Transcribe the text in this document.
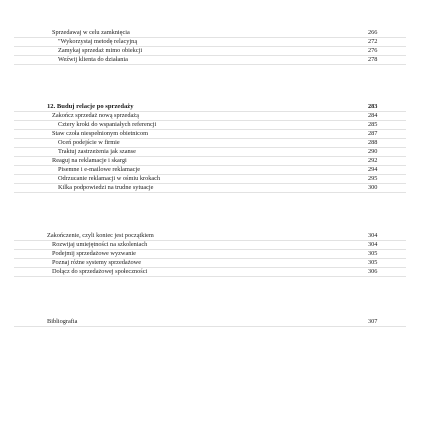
Sprzedawaj w celu zamknięcia	266
"Wykorzystaj metodę relacyjną	272
Zamykaj sprzedaż mimo obiekcji	276
Weźwij klienta do działania	278
12. Buduj relacje po sprzedaży	283
Zakończ sprzedaż nową sprzedażą	284
Cztery kroki do wspaniałych referencji	285
Staw czoła niespełnionym obietnicom	287
Oceń podejście w firmie	288
Traktuj zastrzeżenia jak szanse	290
Reaguj na reklamacje i skargi	292
Pisemne i e-mailowe reklamacje	294
Odrzucanie reklamacji w ośmiu krokach	295
Kilka podpowiedzi na trudne sytuacje	300
Zakończenie, czyli koniec jest początkiem	304
Rozwijaj umiejętności na szkoleniach	304
Podejmij sprzedażowe wyzwanie	305
Poznaj różne systemy sprzedażowe	305
Dołącz do sprzedażowej społeczności	306
Bibliografia	307
